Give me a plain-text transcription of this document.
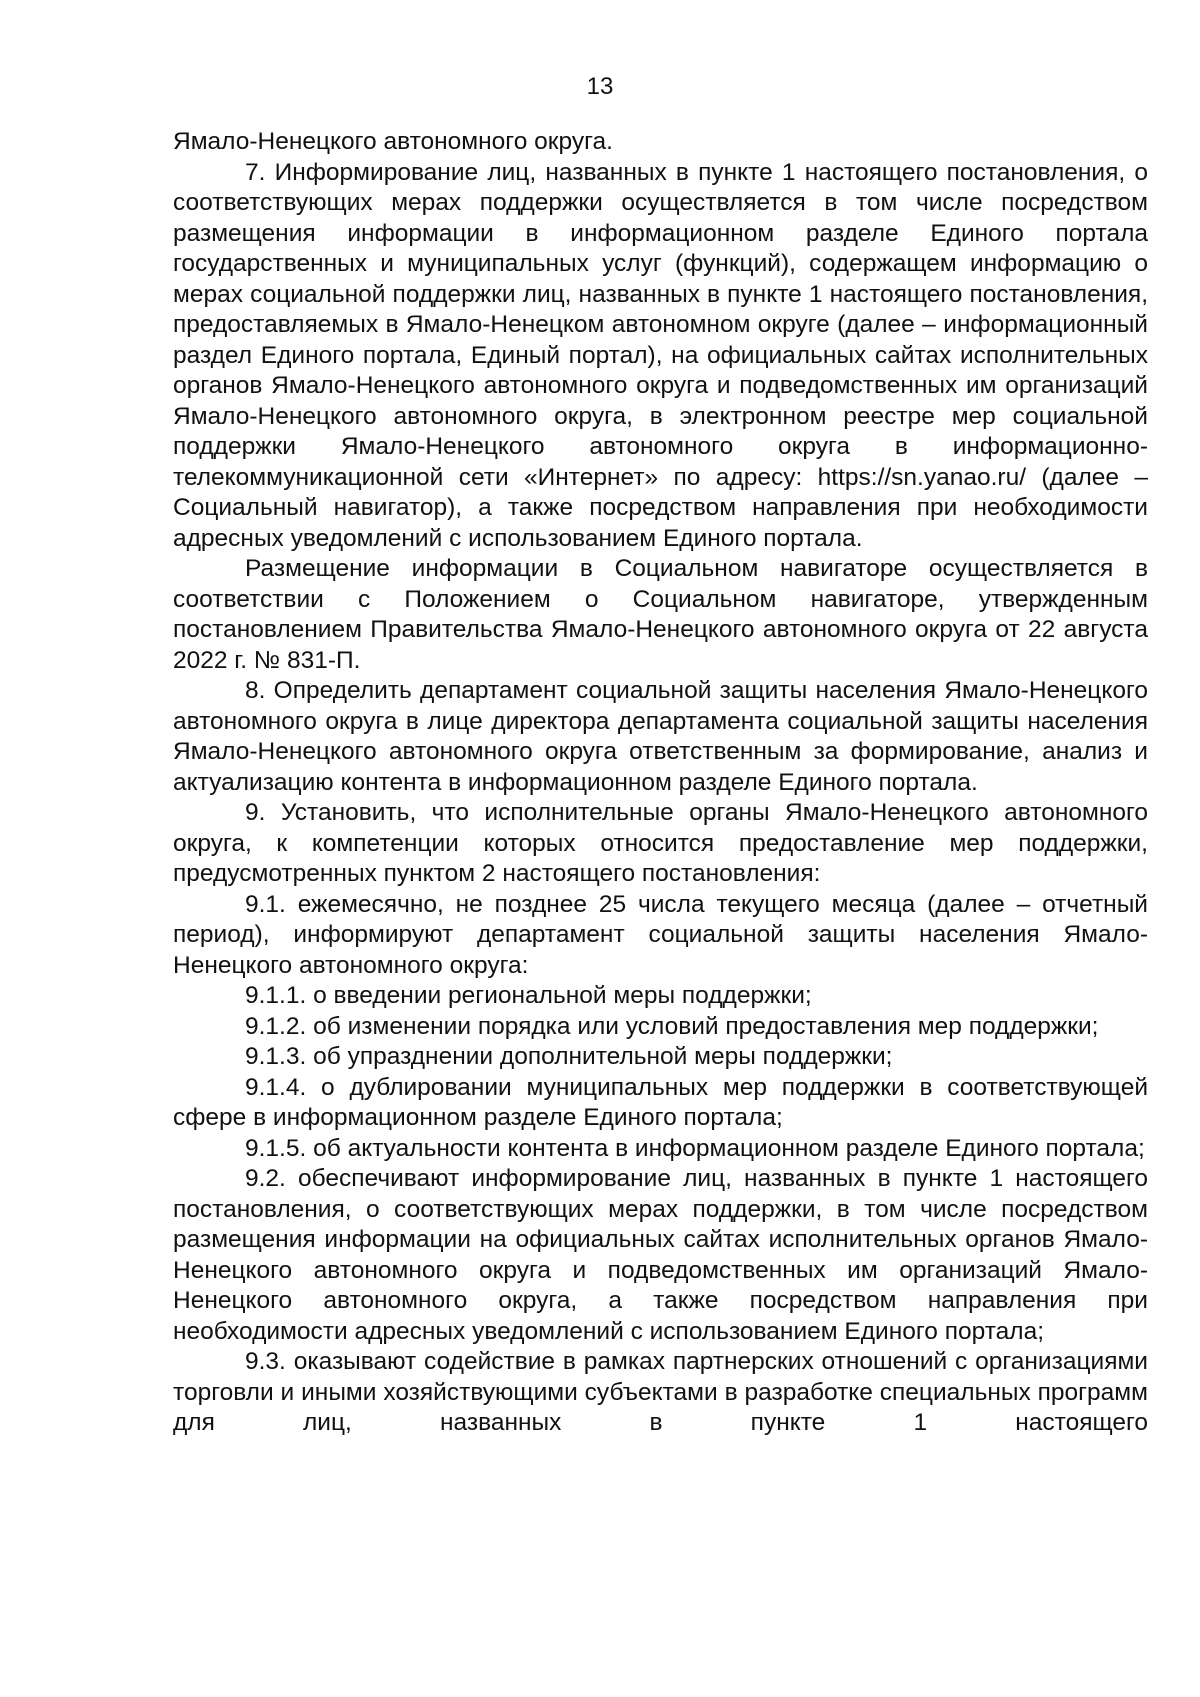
13

Ямало-Ненецкого автономного округа.

7. Информирование лиц, названных в пункте 1 настоящего постановления, о соответствующих мерах поддержки осуществляется в том числе посредством размещения информации в информационном разделе Единого портала государственных и муниципальных услуг (функций), содержащем информацию о мерах социальной поддержки лиц, названных в пункте 1 настоящего постановления, предоставляемых в Ямало-Ненецком автономном округе (далее – информационный раздел Единого портала, Единый портал), на официальных сайтах исполнительных органов Ямало-Ненецкого автономного округа и подведомственных им организаций Ямало-Ненецкого автономного округа, в электронном реестре мер социальной поддержки Ямало-Ненецкого автономного округа в информационно-телекоммуникационной сети «Интернет» по адресу: https://sn.yanao.ru/ (далее – Социальный навигатор), а также посредством направления при необходимости адресных уведомлений с использованием Единого портала.

Размещение информации в Социальном навигаторе осуществляется в соответствии с Положением о Социальном навигаторе, утвержденным постановлением Правительства Ямало-Ненецкого автономного округа от 22 августа 2022 г. № 831-П.

8. Определить департамент социальной защиты населения Ямало-Ненецкого автономного округа в лице директора департамента социальной защиты населения Ямало-Ненецкого автономного округа ответственным за формирование, анализ и актуализацию контента в информационном разделе Единого портала.

9. Установить, что исполнительные органы Ямало-Ненецкого автономного округа, к компетенции которых относится предоставление мер поддержки, предусмотренных пунктом 2 настоящего постановления:

9.1. ежемесячно, не позднее 25 числа текущего месяца (далее – отчетный период), информируют департамент социальной защиты населения Ямало-Ненецкого автономного округа:

9.1.1. о введении региональной меры поддержки;

9.1.2. об изменении порядка или условий предоставления мер поддержки;

9.1.3. об упразднении дополнительной меры поддержки;

9.1.4. о дублировании муниципальных мер поддержки в соответствующей сфере в информационном разделе Единого портала;

9.1.5. об актуальности контента в информационном разделе Единого портала;

9.2. обеспечивают информирование лиц, названных в пункте 1 настоящего постановления, о соответствующих мерах поддержки, в том числе посредством размещения информации на официальных сайтах исполнительных органов Ямало-Ненецкого автономного округа и подведомственных им организаций Ямало-Ненецкого автономного округа, а также посредством направления при необходимости адресных уведомлений с использованием Единого портала;

9.3. оказывают содействие в рамках партнерских отношений с организациями торговли и иными хозяйствующими субъектами в разработке специальных программ для лиц, названных в пункте 1 настоящего
